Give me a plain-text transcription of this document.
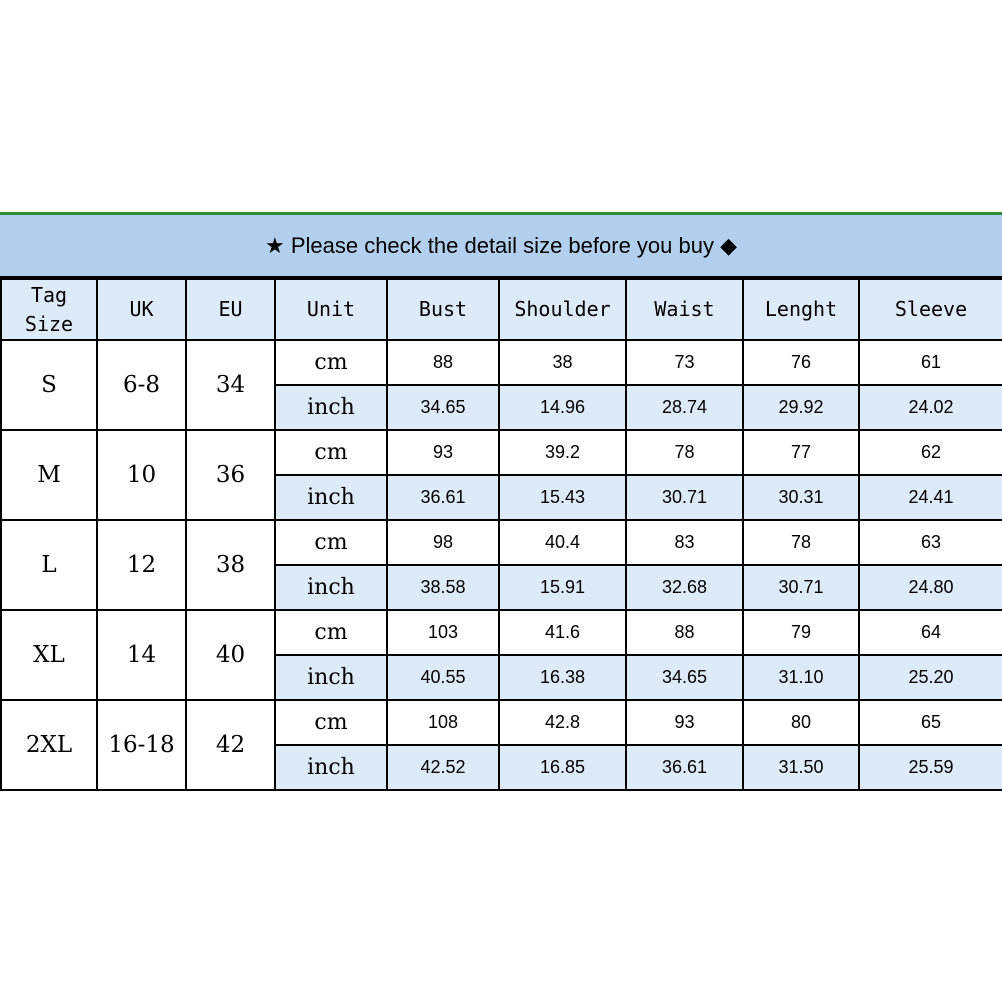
★ Please check the detail size before you buy ◆
Tag Size	UK	EU	Unit	Bust	Shoulder	Waist	Lenght	Sleeve
S	6-8	34	cm	88	38	73	76	61
			inch	34.65	14.96	28.74	29.92	24.02
M	10	36	cm	93	39.2	78	77	62
			inch	36.61	15.43	30.71	30.31	24.41
L	12	38	cm	98	40.4	83	78	63
			inch	38.58	15.91	32.68	30.71	24.80
XL	14	40	cm	103	41.6	88	79	64
			inch	40.55	16.38	34.65	31.10	25.20
2XL	16-18	42	cm	108	42.8	93	80	65
			inch	42.52	16.85	36.61	31.50	25.59
